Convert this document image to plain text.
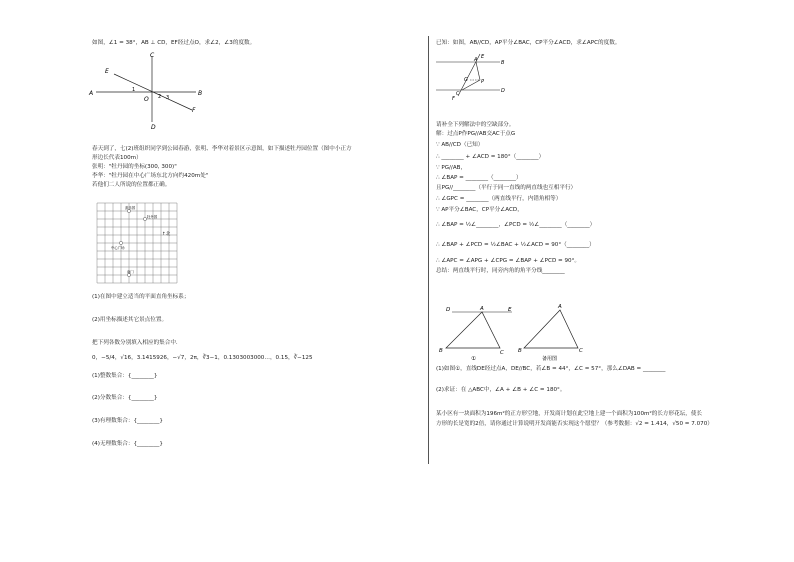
如图，∠1 = 38°，AB ⊥ CD，EF经过点O，求∠2，∠3的度数。
A	B
C
D
E
F
O
1
2 3
春天到了，七(2)班组织同学到公园春游，张明、李华对着景区示意图，如下描述牡丹园位置（图中小正方
形边长代表100m）
张明："牡丹园的坐标(300, 300)"
李华："牡丹园在中心广场东北方向约420m处"
若他们二人所说的位置都正确。
游乐园
牡丹园
中心广场
南门
↑北
(1)在图中建立适当的平面直角坐标系；
(2)用坐标描述其它景点位置。
把下列各数分别填入相应的集合中.
0，−5/4，√16，3.1415926，−√7，2π，∛3−1，0.1303003000…，0.15，∛−125
(1)整数集合：{________}
(2)分数集合：{________}
(3)有理数集合：{________}
(4)无理数集合：{________}
已知：如图，AB//CD，AP平分∠BAC，CP平分∠ACD，求∠APC的度数。
E
A	B
G	P
C	D
F
请补全下列解法中的空缺部分。
解：过点P作PG//AB交AC于点G
∵ AB//CD（已知）
∴ ________ + ∠ACD = 180°（________）
∵ PG//AB，
∴ ∠BAP = ________（________）
且PG//________（平行于同一直线的两直线也互相平行）
∴ ∠GPC = ________（两直线平行，内错角相等）
∵ AP平分∠BAC，CP平分∠ACD，
∴ ∠BAP = ½∠________，∠PCD = ½∠________（________）
∴ ∠BAP + ∠PCD = ½∠BAC + ½∠ACD = 90°（________）
∴ ∠APC = ∠APG + ∠CPG = ∠BAP + ∠PCD = 90°。
总结：两直线平行时，同旁内角的角平分线________
D	A	E
B	C
①
A
B	C
备用图
(1)如图①，直线DE经过点A，DE//BC，若∠B = 44°，∠C = 57°，那么∠DAB = ________
(2)求证：在 △ABC中，∠A + ∠B + ∠C = 180°。
某小区有一块面积为196m²的正方形空地，开发商计划在此空地上建一个面积为100m²的长方形花坛，使长
方形的长是宽的2倍，请你通过计算说明开发商能否实现这个愿望？（参考数据：√2 = 1.414，√50 = 7.070）
